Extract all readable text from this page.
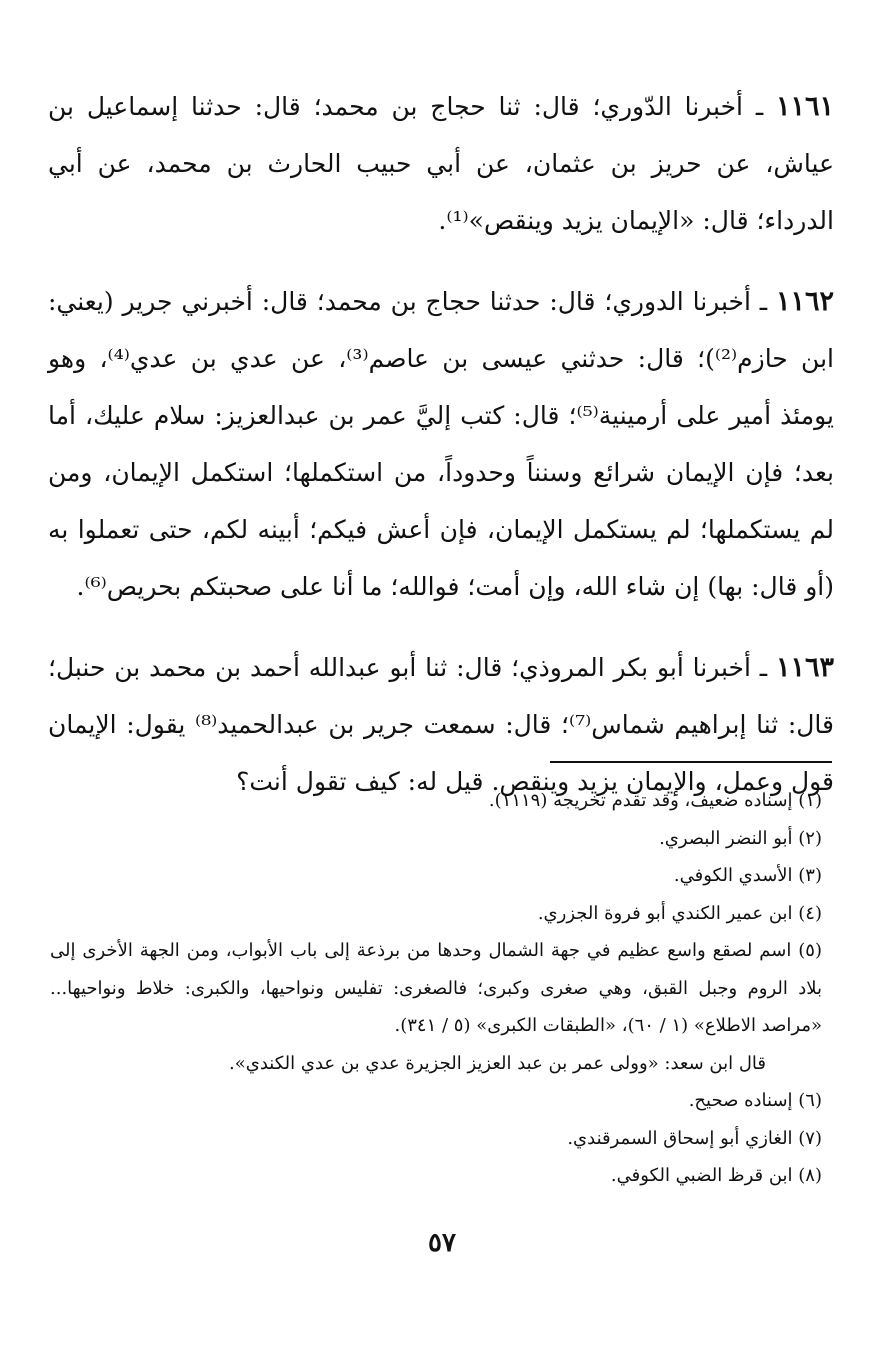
١١٦١ ـ أخبرنا الدّوري؛ قال: ثنا حجاج بن محمد؛ قال: حدثنا إسماعيل بن عياش، عن حريز بن عثمان، عن أبي حبيب الحارث بن محمد، عن أبي الدرداء؛ قال: «الإيمان يزيد وينقص»⁽¹⁾.

١١٦٢ ـ أخبرنا الدوري؛ قال: حدثنا حجاج بن محمد؛ قال: أخبرني جرير (يعني: ابن حازم⁽²⁾)؛ قال: حدثني عيسى بن عاصم⁽³⁾، عن عدي بن عدي⁽⁴⁾، وهو يومئذ أمير على أرمينية⁽⁵⁾؛ قال: كتب إليَّ عمر بن عبدالعزيز: سلام عليك، أما بعد؛ فإن الإيمان شرائع وسنناً وحدوداً، من استكملها؛ استكمل الإيمان، ومن لم يستكملها؛ لم يستكمل الإيمان، فإن أعش فيكم؛ أبينه لكم، حتى تعملوا به (أو قال: بها) إن شاء الله، وإن أمت؛ فوالله؛ ما أنا على صحبتكم بحريص⁽⁶⁾.

١١٦٣ ـ أخبرنا أبو بكر المروذي؛ قال: ثنا أبو عبدالله أحمد بن محمد بن حنبل؛ قال: ثنا إبراهيم شماس⁽⁷⁾؛ قال: سمعت جرير بن عبدالحميد⁽⁸⁾ يقول: الإيمان قول وعمل، والإيمان يزيد وينقص. قيل له: كيف تقول أنت؟

(١) إسناده ضعيف، وقد تقدم تخريجه (١١١٩).

(٢) أبو النضر البصري.

(٣) الأسدي الكوفي.

(٤) ابن عمير الكندي أبو فروة الجزري.

(٥) اسم لصقع واسع عظيم في جهة الشمال وحدها من برذعة إلى باب الأبواب، ومن الجهة الأخرى إلى بلاد الروم وجبل القبق، وهي صغرى وكبرى؛ فالصغرى: تفليس ونواحيها، والكبرى: خلاط ونواحيها... «مراصد الاطلاع» (١ / ٦٠)، «الطبقات الكبرى» (٥ / ٣٤١).

قال ابن سعد: «وولى عمر بن عبد العزيز الجزيرة عدي بن عدي الكندي».

(٦) إسناده صحيح.

(٧) الغازي أبو إسحاق السمرقندي.

(٨) ابن قرظ الضبي الكوفي.

٥٧
